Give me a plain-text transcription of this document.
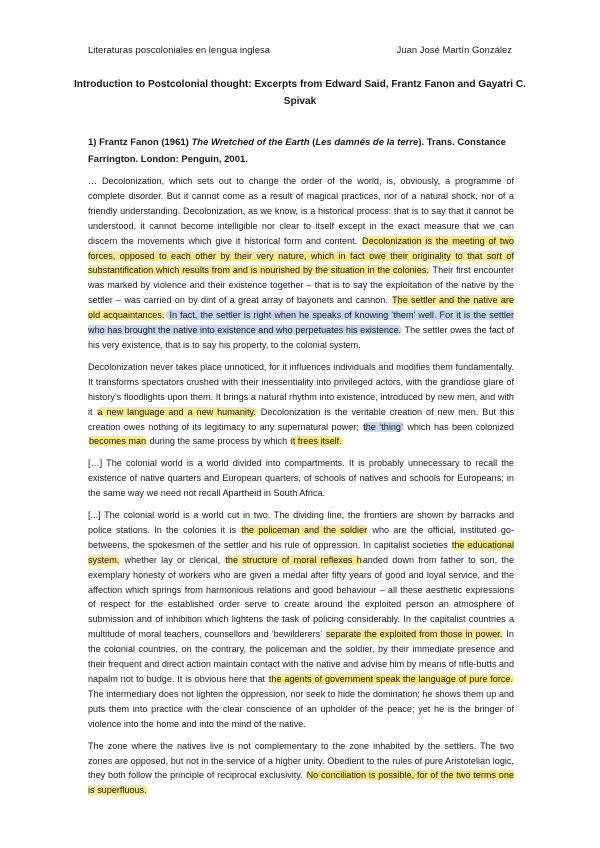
Literaturas poscoloniales en lengua inglesa	Juan José Martín González
Introduction to Postcolonial thought: Excerpts from Edward Said, Frantz Fanon and Gayatri C. Spivak
1) Frantz Fanon (1961) The Wretched of the Earth (Les damnés de la terre). Trans. Constance Farrington. London: Penguin, 2001.

… Decolonization, which sets out to change the order of the world, is, obviously, a programme of complete disorder. But it cannot come as a result of magical practices, nor of a natural shock, nor of a friendly understanding. Decolonization, as we know, is a historical process: that is to say that it cannot be understood, it cannot become intelligible nor clear to itself except in the exact measure that we can discern the movements which give it historical form and content. Decolonization is the meeting of two forces, opposed to each other by their very nature, which in fact owe their originality to that sort of substantification which results from and is nourished by the situation in the colonies. Their first encounter was marked by violence and their existence together – that is to say the exploitation of the native by the settler – was carried on by dint of a great array of bayonets and cannon. The settler and the native are old acquaintances. In fact, the settler is right when he speaks of knowing ‘them’ well. For it is the settler who has brought the native into existence and who perpetuates his existence. The settler owes the fact of his very existence, that is to say his property, to the colonial system.

Decolonization never takes place unnoticed, for it influences individuals and modifies them fundamentally. It transforms spectators crushed with their inessentiality into privileged actors, with the grandiose glare of history’s floodlights upon them. It brings a natural rhythm into existence, introduced by new men, and with it a new language and a new humanity. Decolonization is the veritable creation of new men. But this creation owes nothing of its legitimacy to any supernatural power; the ‘thing’ which has been colonized becomes man during the same process by which it frees itself.

[…] The colonial world is a world divided into compartments. It is probably unnecessary to recall the existence of native quarters and European quarters, of schools of natives and schools for Europeans; in the same way we need not recall Apartheid in South Africa.

[...] The colonial world is a world cut in two. The dividing line, the frontiers are shown by barracks and police stations. In the colonies it is the policeman and the soldier who are the official, instituted go-betweens, the spokesmen of the settler and his rule of oppression. In capitalist societies the educational system, whether lay or clerical, the structure of moral reflexes handed down from father to son, the exemplary honesty of workers who are given a medal after fifty years of good and loyal service, and the affection which springs from harmonious relations and good behaviour – all these aesthetic expressions of respect for the established order serve to create around the exploited person an atmosphere of submission and of inhibition which lightens the task of policing considerably. In the capitalist countries a multitude of moral teachers, counsellors and ‘bewilderers’ separate the exploited from those in power. In the colonial countries, on the contrary, the policeman and the soldier, by their immediate presence and their frequent and direct action maintain contact with the native and advise him by means of rifle-butts and napalm not to budge. It is obvious here that the agents of government speak the language of pure force. The intermediary does not lighten the oppression, nor seek to hide the domination; he shows them up and puts them into practice with the clear conscience of an upholder of the peace; yet he is the bringer of violence into the home and into the mind of the native.

The zone where the natives live is not complementary to the zone inhabited by the settlers. The two zones are opposed, but not in the service of a higher unity. Obedient to the rules of pure Aristotelian logic, they both follow the principle of reciprocal exclusivity. No conciliation is possible, for of the two terms one is superfluous.
